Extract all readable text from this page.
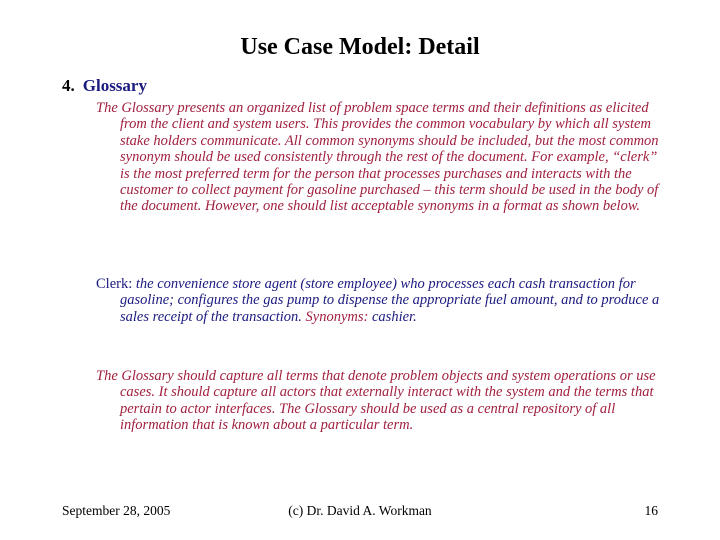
Use Case Model: Detail
4. Glossary
The Glossary presents an organized list of problem space terms and their definitions as elicited from the client and system users. This provides the common vocabulary by which all system stake holders communicate. All common synonyms should be included, but the most common synonym should be used consistently through the rest of the document. For example, “clerk” is the most preferred term for the person that processes purchases and interacts with the customer to collect payment for gasoline purchased – this term should be used in the body of the document. However, one should list acceptable synonyms in a format as shown below.
Clerk: the convenience store agent (store employee) who processes each cash transaction for gasoline; configures the gas pump to dispense the appropriate fuel amount, and to produce a sales receipt of the transaction. Synonyms: cashier.
The Glossary should capture all terms that denote problem objects and system operations or use cases. It should capture all actors that externally interact with the system and the terms that pertain to actor interfaces. The Glossary should be used as a central repository of all information that is known about a particular term.
September 28, 2005	(c) Dr. David A. Workman	16
